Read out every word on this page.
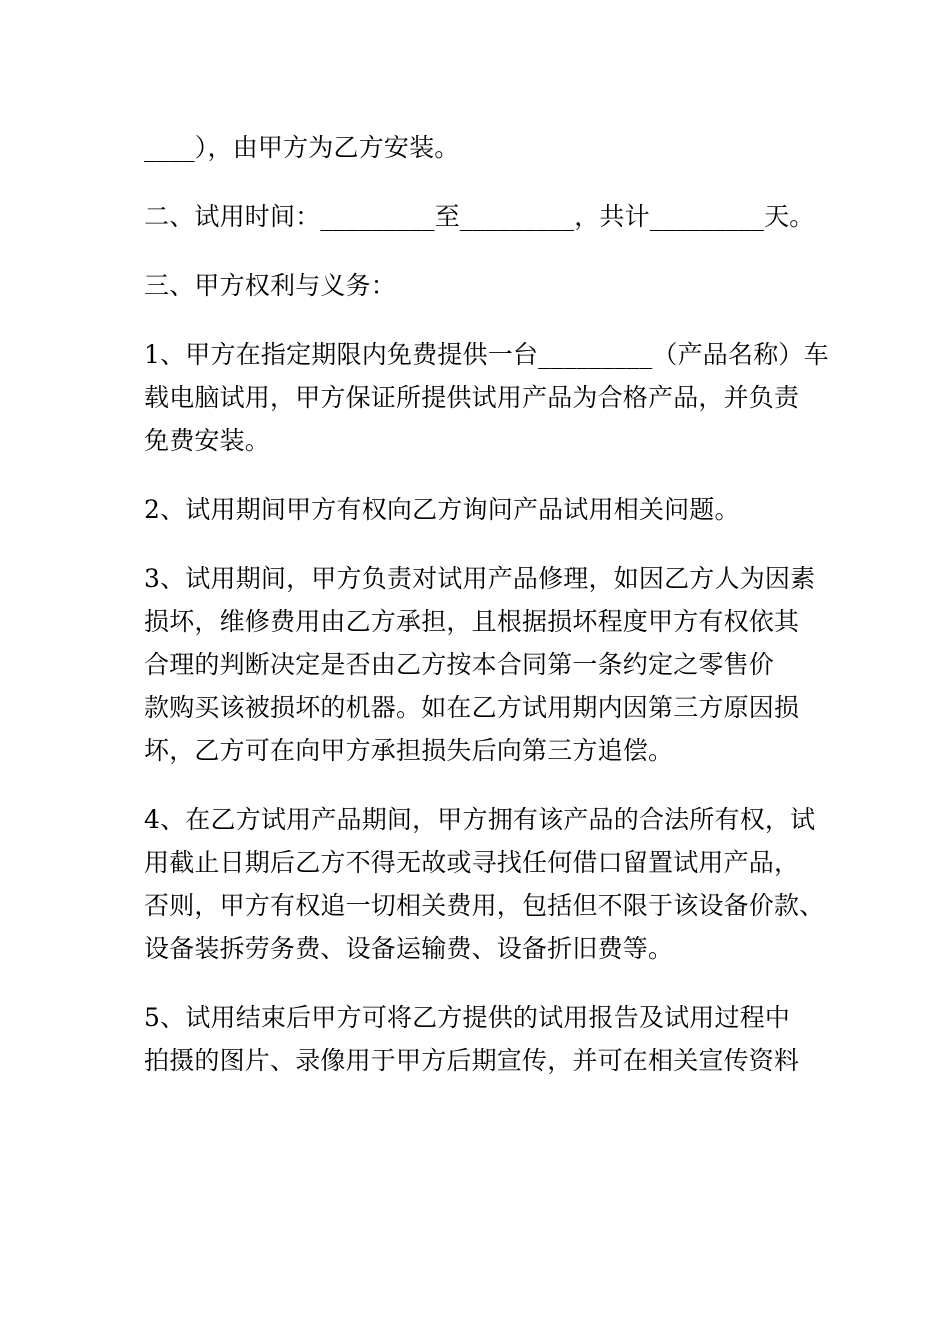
____），由甲方为乙方安装。

二、试用时间：_________至_________，共计_________天。

三、甲方权利与义务：

1、甲方在指定期限内免费提供一台_________（产品名称）车
载电脑试用，甲方保证所提供试用产品为合格产品，并负责
免费安装。

2、试用期间甲方有权向乙方询问产品试用相关问题。

3、试用期间，甲方负责对试用产品修理，如因乙方人为因素
损坏，维修费用由乙方承担，且根据损坏程度甲方有权依其
合理的判断决定是否由乙方按本合同第一条约定之零售价
款购买该被损坏的机器。如在乙方试用期内因第三方原因损
坏，乙方可在向甲方承担损失后向第三方追偿。

4、在乙方试用产品期间，甲方拥有该产品的合法所有权，试
用截止日期后乙方不得无故或寻找任何借口留置试用产品，
否则，甲方有权追一切相关费用，包括但不限于该设备价款、
设备装拆劳务费、设备运输费、设备折旧费等。

5、试用结束后甲方可将乙方提供的试用报告及试用过程中
拍摄的图片、录像用于甲方后期宣传，并可在相关宣传资料
